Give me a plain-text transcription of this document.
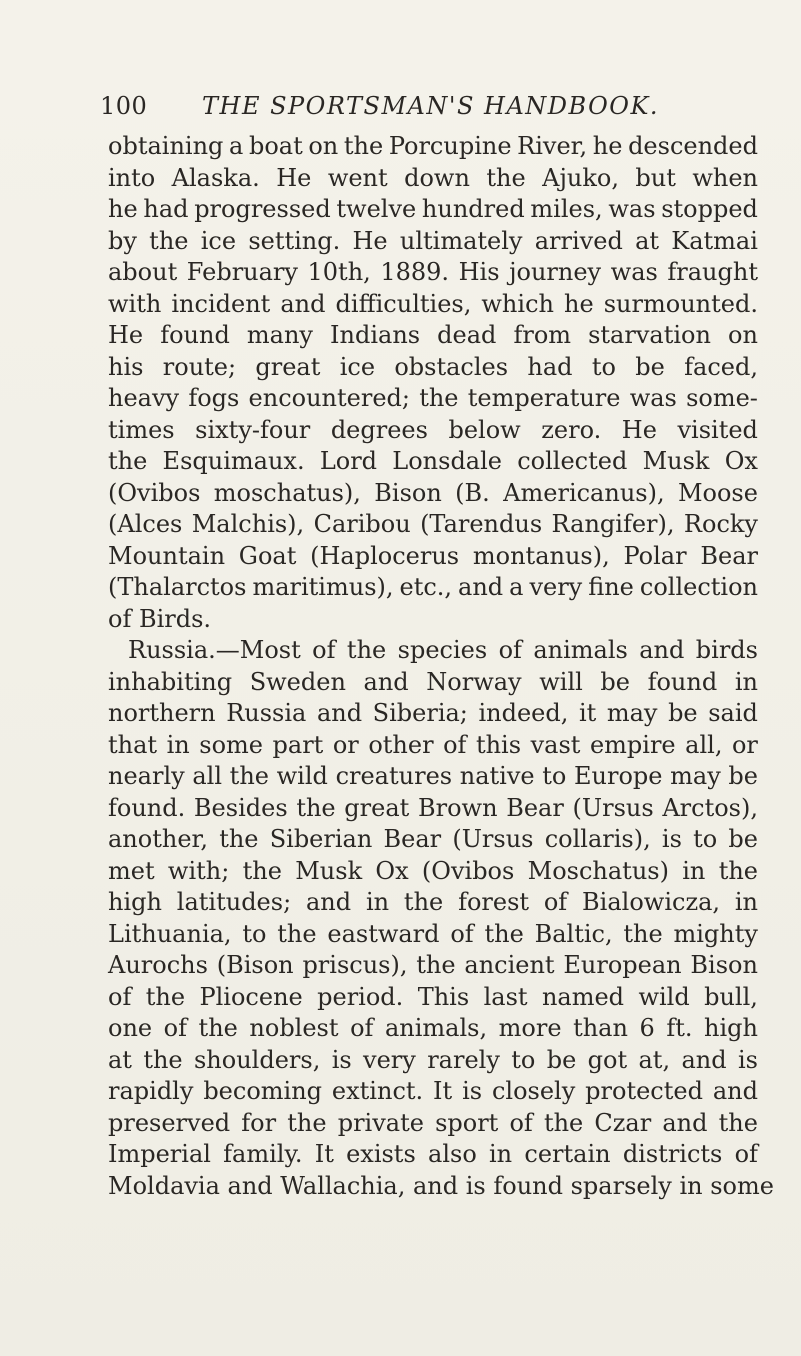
100 THE SPORTSMAN'S HANDBOOK.
obtaining a boat on the Porcupine River, he descended
into Alaska. He went down the Ajuko, but when
he had progressed twelve hundred miles, was stopped
by the ice setting. He ultimately arrived at Katmai
about February 10th, 1889. His journey was fraught
with incident and difficulties, which he surmounted.
He found many Indians dead from starvation on
his route; great ice obstacles had to be faced,
heavy fogs encountered; the temperature was some-
times sixty-four degrees below zero. He visited
the Esquimaux. Lord Lonsdale collected Musk Ox
(Ovibos moschatus), Bison (B. Americanus), Moose
(Alces Malchis), Caribou (Tarendus Rangifer), Rocky
Mountain Goat (Haplocerus montanus), Polar Bear
(Thalarctos maritimus), etc., and a very fine collection
of Birds.
Russia.—Most of the species of animals and birds
inhabiting Sweden and Norway will be found in
northern Russia and Siberia; indeed, it may be said
that in some part or other of this vast empire all, or
nearly all the wild creatures native to Europe may be
found. Besides the great Brown Bear (Ursus Arctos),
another, the Siberian Bear (Ursus collaris), is to be
met with; the Musk Ox (Ovibos Moschatus) in the
high latitudes; and in the forest of Bialowicza, in
Lithuania, to the eastward of the Baltic, the mighty
Aurochs (Bison priscus), the ancient European Bison
of the Pliocene period. This last named wild bull,
one of the noblest of animals, more than 6 ft. high
at the shoulders, is very rarely to be got at, and is
rapidly becoming extinct. It is closely protected and
preserved for the private sport of the Czar and the
Imperial family. It exists also in certain districts of
Moldavia and Wallachia, and is found sparsely in some
